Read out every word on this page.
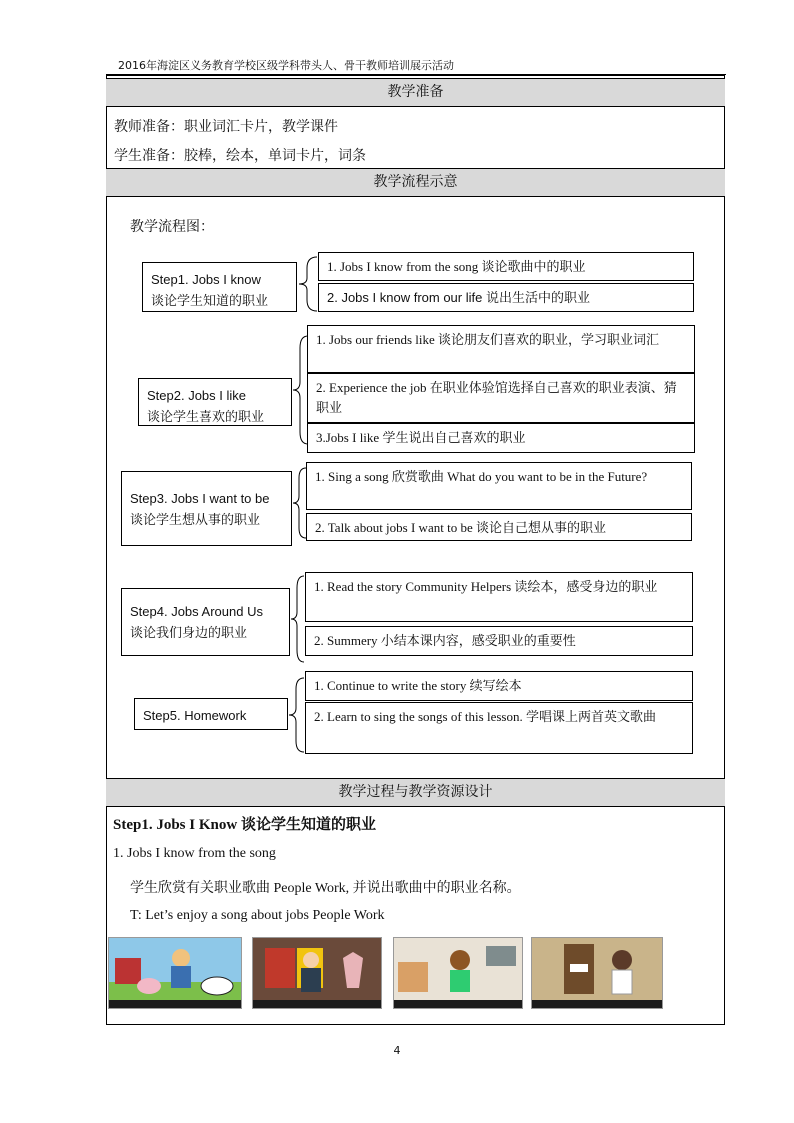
2016年海淀区义务教育学校区级学科带头人、骨干教师培训展示活动
教学准备
教师准备：职业词汇卡片，教学课件
学生准备：胶棒，绘本，单词卡片，词条
教学流程示意
教学流程图：
Step1. Jobs I know
谈论学生知道的职业
1. Jobs I know from the song 谈论歌曲中的职业
2. Jobs I know from our life 说出生活中的职业
Step2. Jobs I like
谈论学生喜欢的职业
1. Jobs our friends like 谈论朋友们喜欢的职业，学习职业词汇
2. Experience the job 在职业体验馆选择自己喜欢的职业表演、猜职业
3.Jobs I like 学生说出自己喜欢的职业
Step3. Jobs I want to be
谈论学生想从事的职业
1. Sing a song 欣赏歌曲 What do you want to be in the Future?
2. Talk about jobs I want to be 谈论自己想从事的职业
Step4. Jobs Around Us
谈论我们身边的职业
1. Read the story Community Helpers 读绘本，感受身边的职业
2. Summery 小结本课内容，感受职业的重要性
Step5. Homework
1. Continue to write the story 续写绘本
2. Learn to sing the songs of this lesson. 学唱课上两首英文歌曲
教学过程与教学资源设计
Step1. Jobs I Know 谈论学生知道的职业
1. Jobs I know from the song
学生欣赏有关职业歌曲 People Work, 并说出歌曲中的职业名称。
T: Let’s enjoy a song about jobs People Work
4
